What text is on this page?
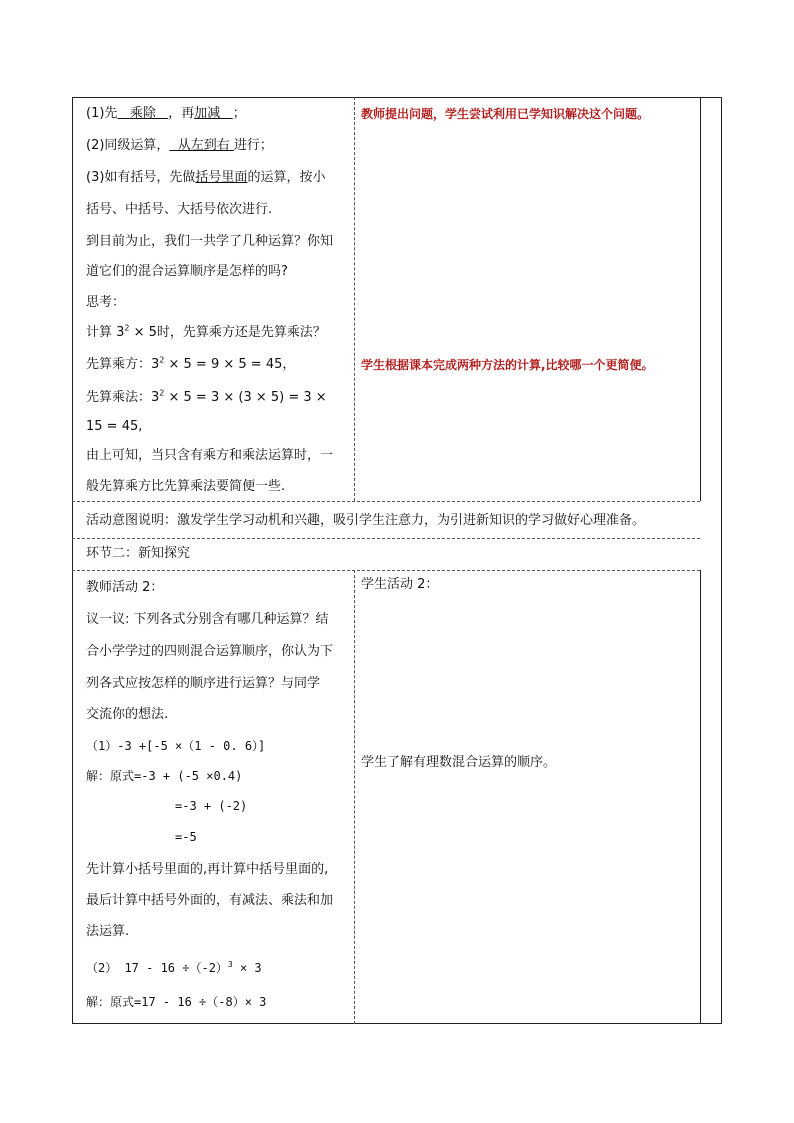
(1)先 乘除 ，再加减 ；
(2)同级运算， 从左到右 进行；
(3)如有括号，先做括号里面的运算，按小
括号、中括号、大括号依次进行.
到目前为止，我们一共学了几种运算？你知
道它们的混合运算顺序是怎样的吗?
思考：
计算 $3^2 \times 5$时，先算乘方还是先算乘法？
先算乘方：$3^2 \times 5 = 9 \times 5 = 45$，
先算乘法：$3^2 \times 5 = 3 \times (3 \times 5) = 3$ ×
15 = 45,
由上可知，当只含有乘方和乘法运算时，一
般先算乘方比先算乘法要简便一些.
教师提出问题，学生尝试利用已学知识解决这个问题。
学生根据课本完成两种方法的计算,比较哪一个更简便。
活动意图说明：激发学生学习动机和兴趣，吸引学生注意力，为引进新知识的学习做好心理准备。
环节二：新知探究
教师活动 2：
议一议: 下列各式分别含有哪几种运算？结
合小学学过的四则混合运算顺序，你认为下
列各式应按怎样的顺序进行运算？与同学
交流你的想法.
（1）-3 +[-5 ×（1 - 0. 6）]
解：原式=-3 + (-5 ×0.4)
=-3 + (-2)
=-5
先计算小括号里面的,再计算中括号里面的,
最后计算中括号外面的，有减法、乘法和加
法运算.
（2） $17 - 16 \div(-2)^3 \times 3$
解：原式=17 - 16 ÷（-8）× 3
学生活动 2：
学生了解有理数混合运算的顺序。
